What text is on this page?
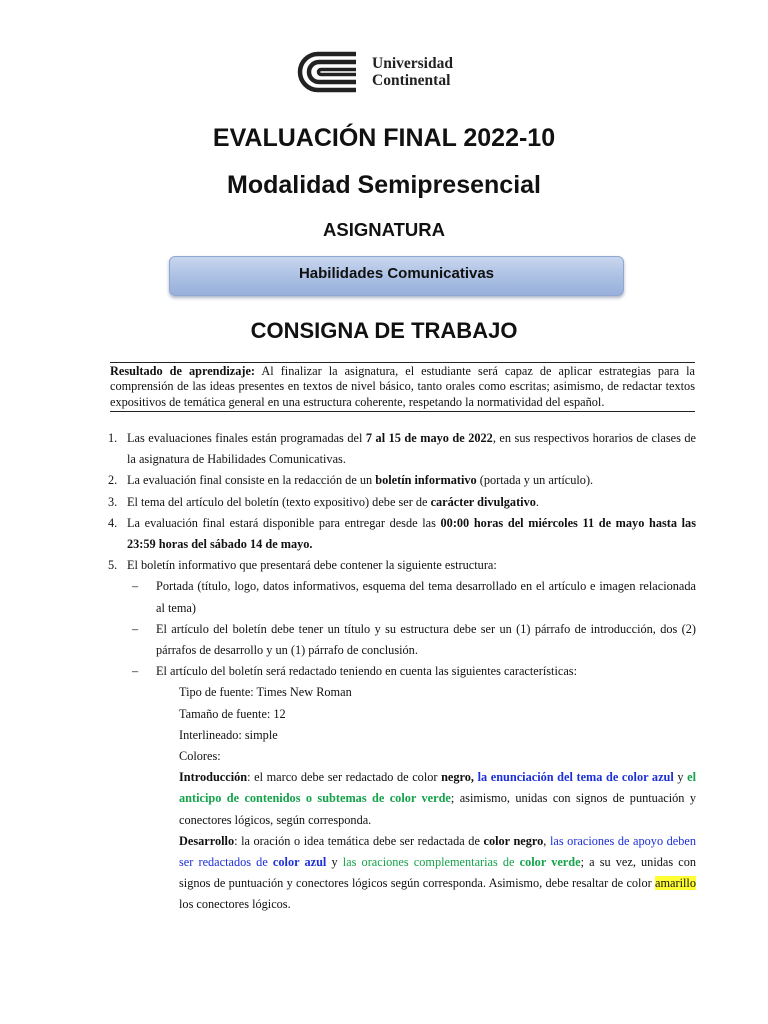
Universidad
Continental
EVALUACIÓN FINAL 2022-10
Modalidad Semipresencial
ASIGNATURA
Habilidades Comunicativas
CONSIGNA DE TRABAJO
Resultado de aprendizaje: Al finalizar la asignatura, el estudiante será capaz de aplicar estrategias para la comprensión de las ideas presentes en textos de nivel básico, tanto orales como escritas; asimismo, de redactar textos expositivos de temática general en una estructura coherente, respetando la normatividad del español.
1. Las evaluaciones finales están programadas del 7 al 15 de mayo de 2022, en sus respectivos horarios de clases de la asignatura de Habilidades Comunicativas.
2. La evaluación final consiste en la redacción de un boletín informativo (portada y un artículo).
3. El tema del artículo del boletín (texto expositivo) debe ser de carácter divulgativo.
4. La evaluación final estará disponible para entregar desde las 00:00 horas del miércoles 11 de mayo hasta las 23:59 horas del sábado 14 de mayo.
5. El boletín informativo que presentará debe contener la siguiente estructura:
– Portada (título, logo, datos informativos, esquema del tema desarrollado en el artículo e imagen relacionada al tema)
– El artículo del boletín debe tener un título y su estructura debe ser un (1) párrafo de introducción, dos (2) párrafos de desarrollo y un (1) párrafo de conclusión.
– El artículo del boletín será redactado teniendo en cuenta las siguientes características:
Tipo de fuente: Times New Roman
Tamaño de fuente: 12
Interlineado: simple
Colores:
Introducción: el marco debe ser redactado de color negro, la enunciación del tema de color azul y el anticipo de contenidos o subtemas de color verde; asimismo, unidas con signos de puntuación y conectores lógicos, según corresponda.
Desarrollo: la oración o idea temática debe ser redactada de color negro, las oraciones de apoyo deben ser redactados de color azul y las oraciones complementarias de color verde; a su vez, unidas con signos de puntuación y conectores lógicos según corresponda. Asimismo, debe resaltar de color amarillo los conectores lógicos.
